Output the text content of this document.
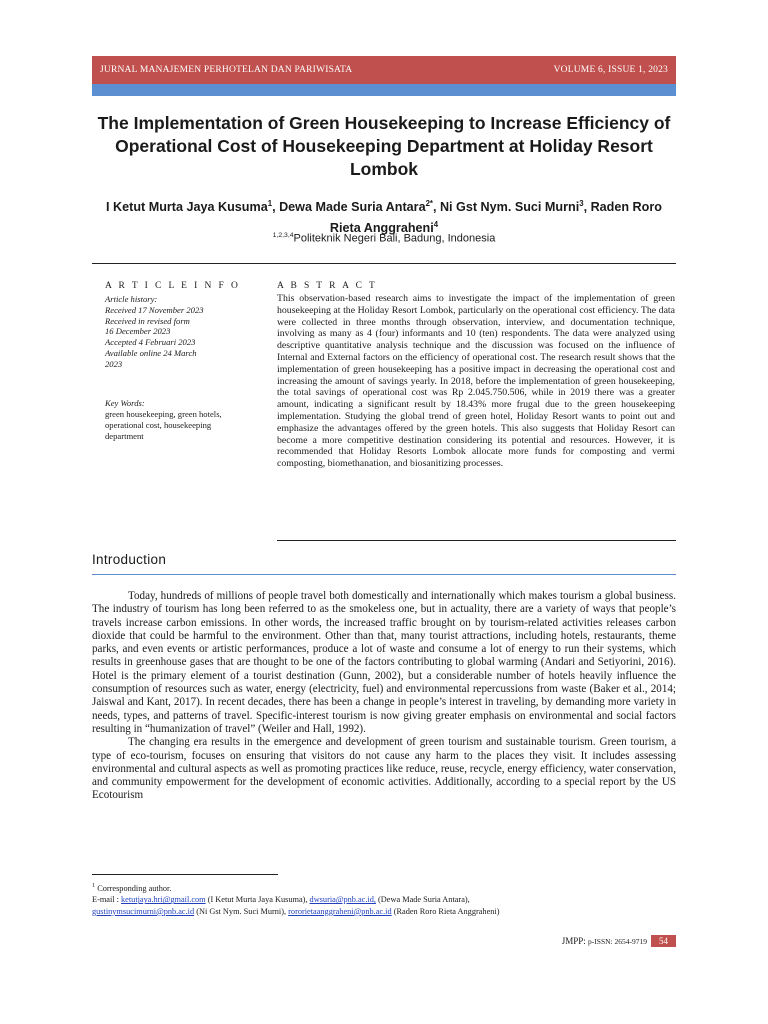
JURNAL MANAJEMEN PERHOTELAN DAN PARIWISATA	VOLUME 6, ISSUE 1, 2023
The Implementation of Green Housekeeping to Increase Efficiency of Operational Cost of Housekeeping Department at Holiday Resort Lombok
I Ketut Murta Jaya Kusuma$^1$, Dewa Made Suria Antara$^{2*}$, Ni Gst Nym. Suci Murni$^3$, Raden Roro Rieta Anggraheni$^4$
$^{1,2,3,4}$Politeknik Negeri Bali, Badung, Indonesia
A R T I C L E I N F O
Article history:
Received 17 November 2023
Received in revised form
16 December 2023
Accepted 4 Februari 2023
Available online 24 March
2023
Key Words:
green housekeeping, green hotels, operational cost, housekeeping department
A B S T R A C T
This observation-based research aims to investigate the impact of the implementation of green housekeeping at the Holiday Resort Lombok, particularly on the operational cost efficiency. The data were collected in three months through observation, interview, and documentation technique, involving as many as 4 (four) informants and 10 (ten) respondents. The data were analyzed using descriptive quantitative analysis technique and the discussion was focused on the influence of Internal and External factors on the efficiency of operational cost. The research result shows that the implementation of green housekeeping has a positive impact in decreasing the operational cost and increasing the amount of savings yearly. In 2018, before the implementation of green housekeeping, the total savings of operational cost was Rp 2.045.750.506, while in 2019 there was a greater amount, indicating a significant result by 18.43% more frugal due to the green housekeeping implementation. Studying the global trend of green hotel, Holiday Resort wants to point out and emphasize the advantages offered by the green hotels. This also suggests that Holiday Resort can become a more competitive destination considering its potential and resources. However, it is recommended that Holiday Resorts Lombok allocate more funds for composting and vermi composting, biomethanation, and biosanitizing processes.
Introduction

Today, hundreds of millions of people travel both domestically and internationally which makes tourism a global business. The industry of tourism has long been referred to as the smokeless one, but in actuality, there are a variety of ways that people’s travels increase carbon emissions. In other words, the increased traffic brought on by tourism-related activities releases carbon dioxide that could be harmful to the environment. Other than that, many tourist attractions, including hotels, restaurants, theme parks, and even events or artistic performances, produce a lot of waste and consume a lot of energy to run their systems, which results in greenhouse gases that are thought to be one of the factors contributing to global warming (Andari and Setiyorini, 2016). Hotel is the primary element of a tourist destination (Gunn, 2002), but a considerable number of hotels heavily influence the consumption of resources such as water, energy (electricity, fuel) and environmental repercussions from waste (Baker et al., 2014; Jaiswal and Kant, 2017). In recent decades, there has been a change in people’s interest in traveling, by demanding more variety in needs, types, and patterns of travel. Specific-interest tourism is now giving greater emphasis on environmental and social factors resulting in “humanization of travel” (Weiler and Hall, 1992).

The changing era results in the emergence and development of green tourism and sustainable tourism. Green tourism, a type of eco-tourism, focuses on ensuring that visitors do not cause any harm to the places they visit. It includes assessing environmental and cultural aspects as well as promoting practices like reduce, reuse, recycle, energy efficiency, water conservation, and community empowerment for the development of economic activities. Additionally, according to a special report by the US Ecotourism

$^1$ Corresponding author.
E-mail : ketutjaya.hri@gmail.com (I Ketut Murta Jaya Kusuma), dwsuria@pnb.ac.id, (Dewa Made Suria Antara),
gustinymsucimurni@pnb.ac.id (Ni Gst Nym. Suci Murni), rororietaanggraheni@pnb.ac.id (Raden Roro Rieta Anggraheni)
JMPP: p-ISSN: 2654-9719 54
